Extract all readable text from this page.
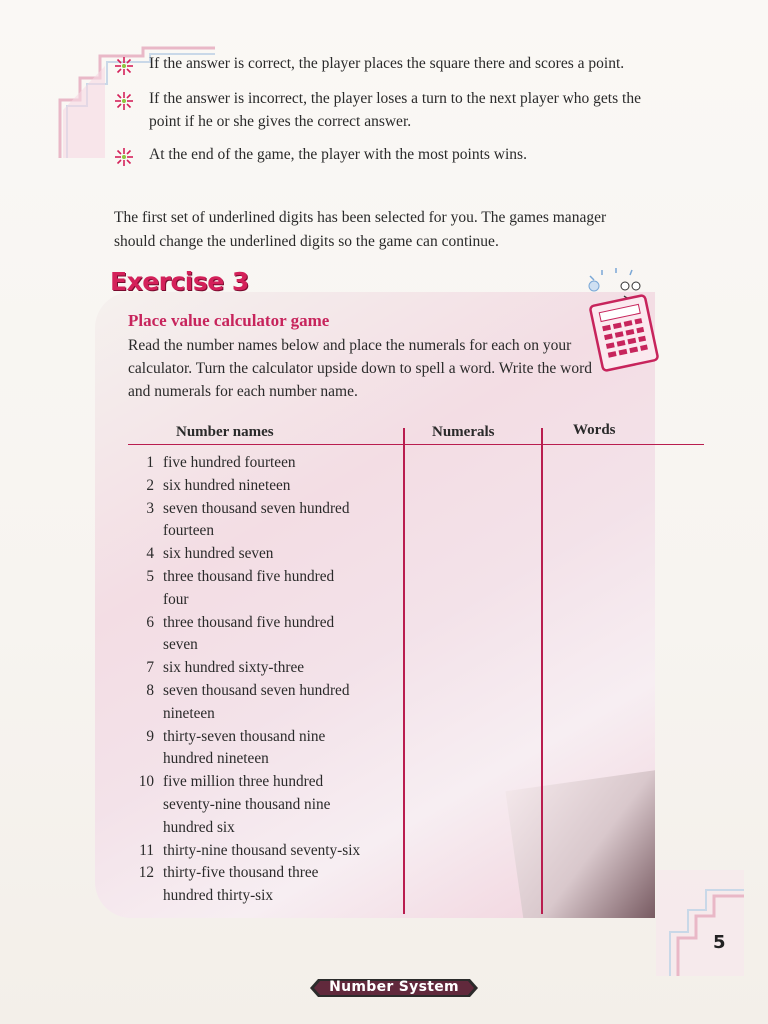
If the answer is correct, the player places the square there and scores a point.
If the answer is incorrect, the player loses a turn to the next player who gets the point if he or she gives the correct answer.
At the end of the game, the player with the most points wins.
The first set of underlined digits has been selected for you. The games manager should change the underlined digits so the game can continue.
Exercise 3
Place value calculator game
Read the number names below and place the numerals for each on your calculator. Turn the calculator upside down to spell a word. Write the word and numerals for each number name.
Number names	Numerals	Words
1 five hundred fourteen
2 six hundred nineteen
3 seven thousand seven hundred
fourteen
4 six hundred seven
5 three thousand five hundred
four
6 three thousand five hundred
seven
7 six hundred sixty-three
8 seven thousand seven hundred
nineteen
9 thirty-seven thousand nine
hundred nineteen
10 five million three hundred
seventy-nine thousand nine
hundred six
11 thirty-nine thousand seventy-six
12 thirty-five thousand three
hundred thirty-six
5
Number System
